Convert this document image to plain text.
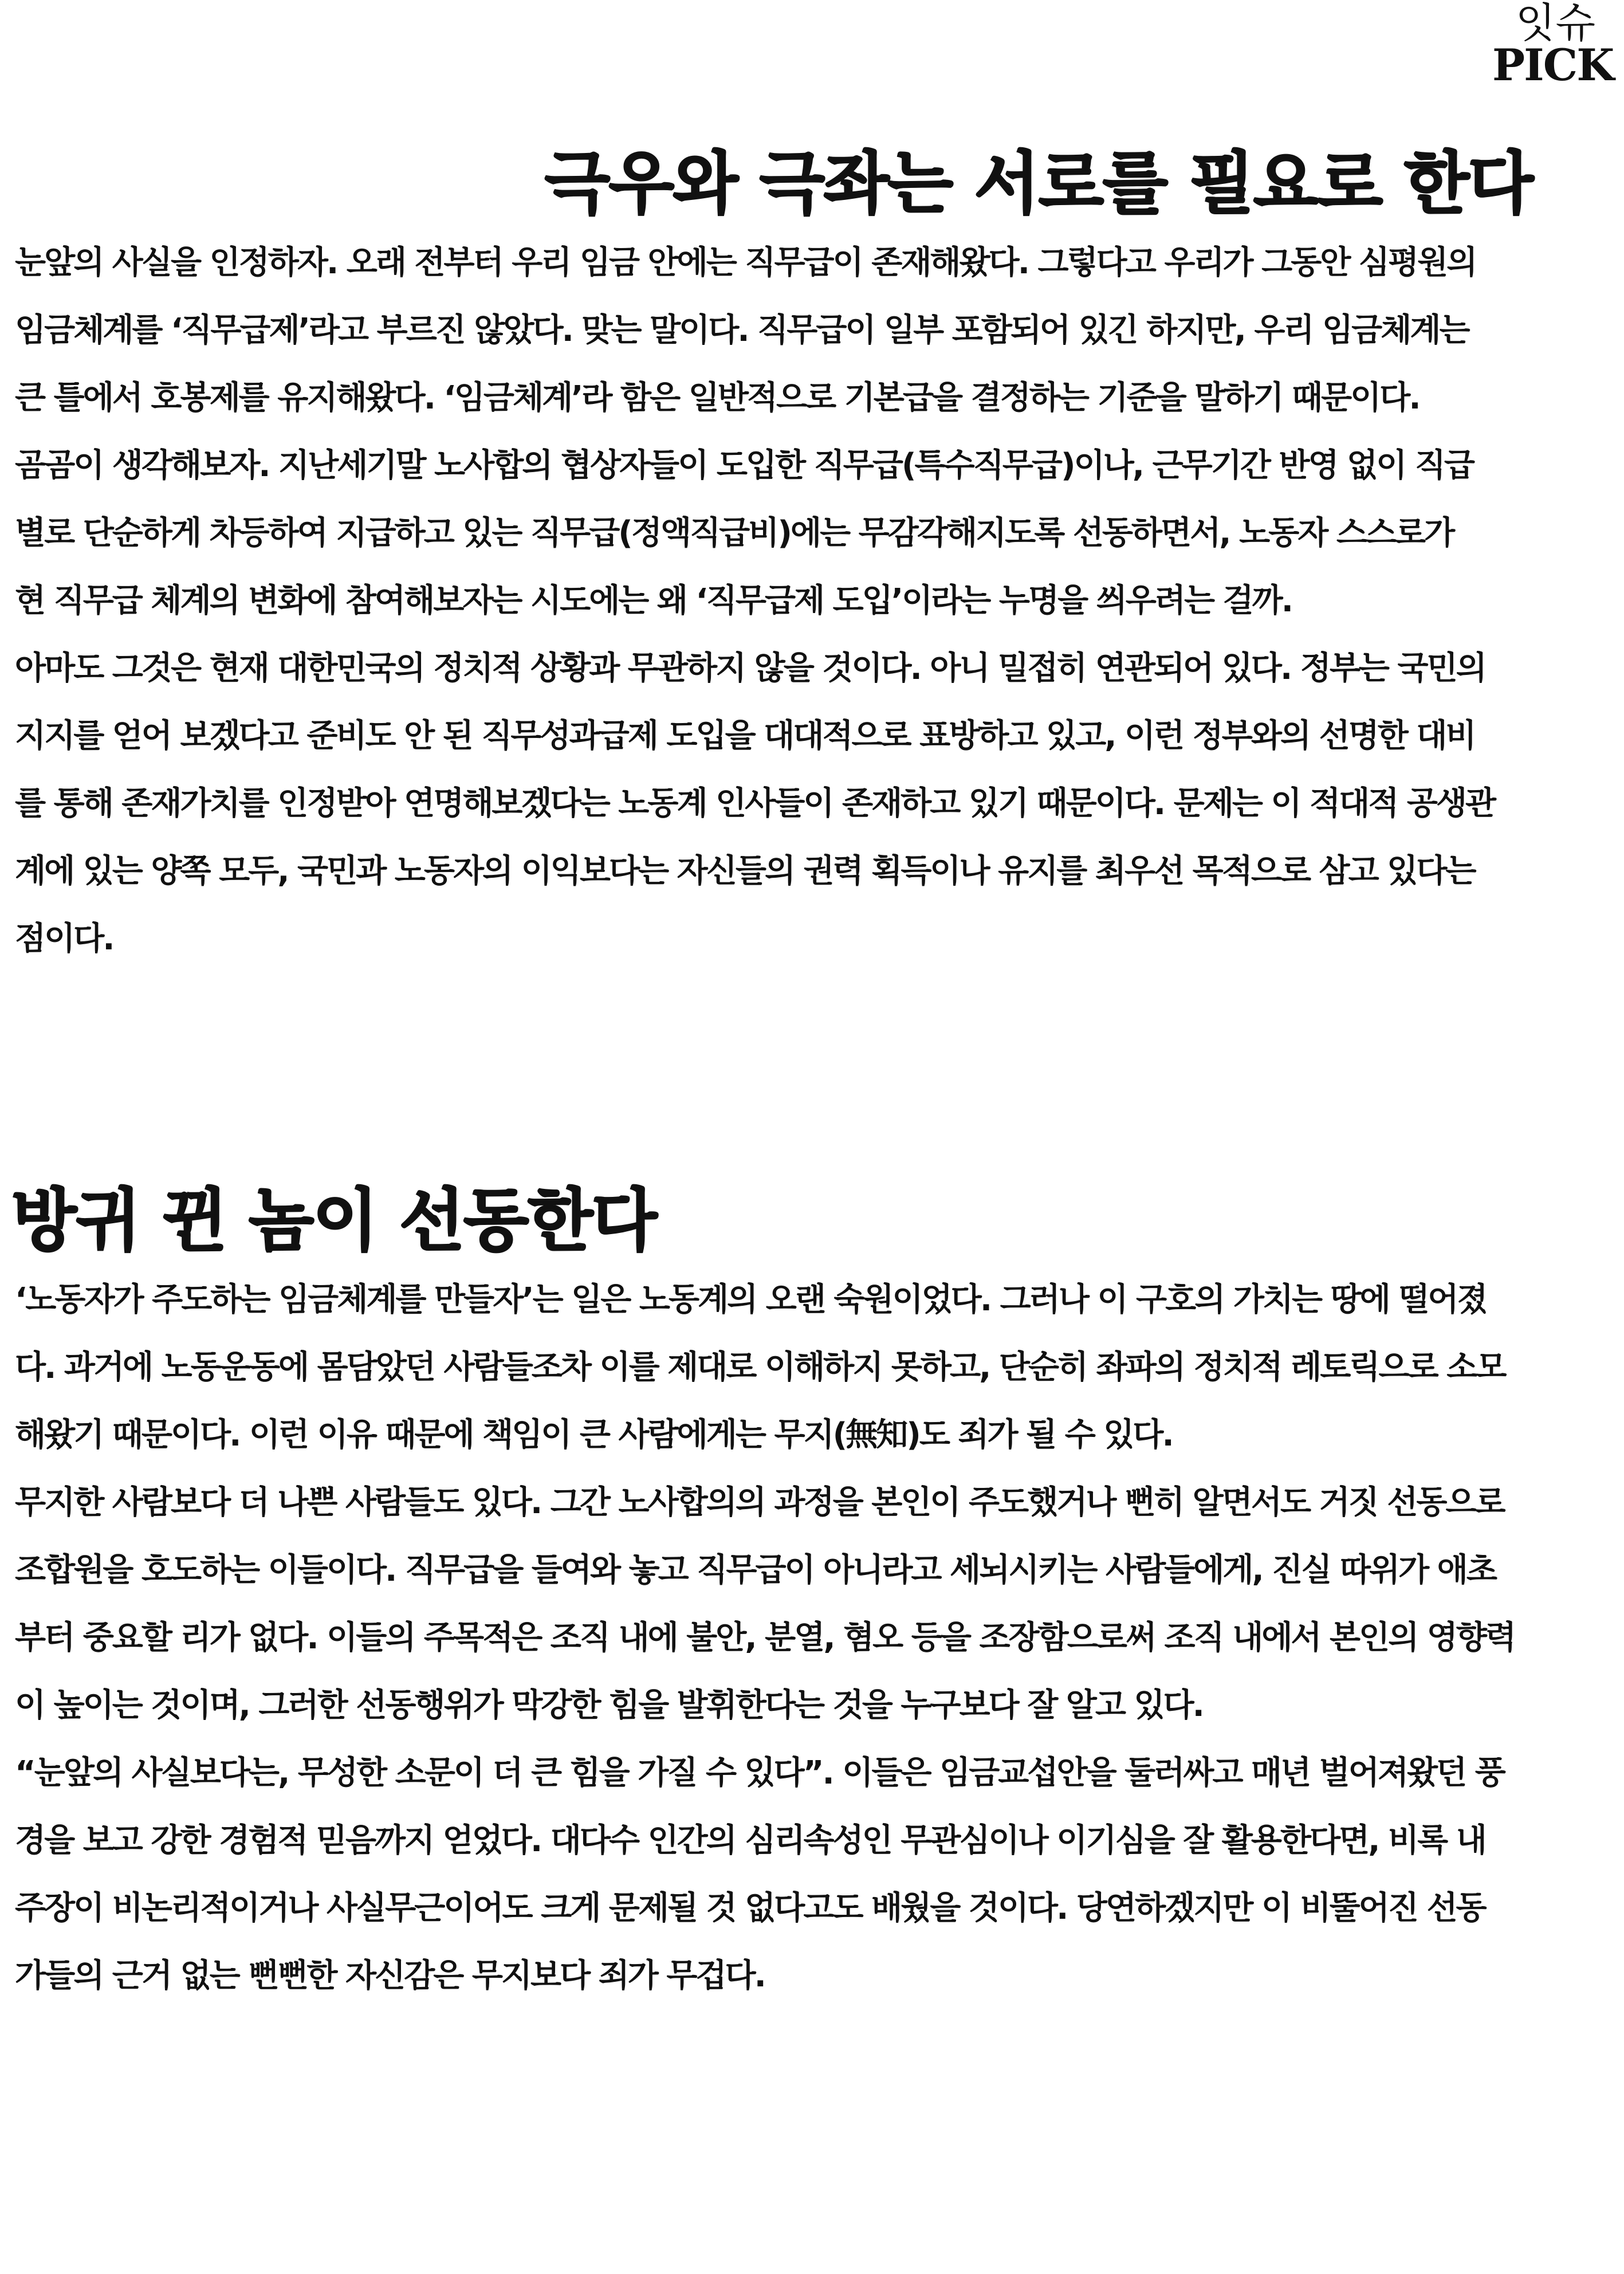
잇슈
PICK
극우와 극좌는 서로를 필요로 한다
눈앞의 사실을 인정하자. 오래 전부터 우리 임금 안에는 직무급이 존재해왔다. 그렇다고 우리가 그동안 심평원의
임금체계를 ‘직무급제’라고 부르진 않았다. 맞는 말이다. 직무급이 일부 포함되어 있긴 하지만, 우리 임금체계는
큰 틀에서 호봉제를 유지해왔다. ‘임금체계’라 함은 일반적으로 기본급을 결정하는 기준을 말하기 때문이다.
곰곰이 생각해보자. 지난세기말 노사합의 협상자들이 도입한 직무급(특수직무급)이나, 근무기간 반영 없이 직급
별로 단순하게 차등하여 지급하고 있는 직무급(정액직급비)에는 무감각해지도록 선동하면서, 노동자 스스로가
현 직무급 체계의 변화에 참여해보자는 시도에는 왜 ‘직무급제 도입’이라는 누명을 씌우려는 걸까.
아마도 그것은 현재 대한민국의 정치적 상황과 무관하지 않을 것이다. 아니 밀접히 연관되어 있다. 정부는 국민의
지지를 얻어 보겠다고 준비도 안 된 직무성과급제 도입을 대대적으로 표방하고 있고, 이런 정부와의 선명한 대비
를 통해 존재가치를 인정받아 연명해보겠다는 노동계 인사들이 존재하고 있기 때문이다. 문제는 이 적대적 공생관
계에 있는 양쪽 모두, 국민과 노동자의 이익보다는 자신들의 권력 획득이나 유지를 최우선 목적으로 삼고 있다는
점이다.
방귀 뀐 놈이 선동한다
‘노동자가 주도하는 임금체계를 만들자’는 일은 노동계의 오랜 숙원이었다. 그러나 이 구호의 가치는 땅에 떨어졌
다. 과거에 노동운동에 몸담았던 사람들조차 이를 제대로 이해하지 못하고, 단순히 좌파의 정치적 레토릭으로 소모
해왔기 때문이다. 이런 이유 때문에 책임이 큰 사람에게는 무지(無知)도 죄가 될 수 있다.
무지한 사람보다 더 나쁜 사람들도 있다. 그간 노사합의의 과정을 본인이 주도했거나 뻔히 알면서도 거짓 선동으로
조합원을 호도하는 이들이다. 직무급을 들여와 놓고 직무급이 아니라고 세뇌시키는 사람들에게, 진실 따위가 애초
부터 중요할 리가 없다. 이들의 주목적은 조직 내에 불안, 분열, 혐오 등을 조장함으로써 조직 내에서 본인의 영향력
이 높이는 것이며, 그러한 선동행위가 막강한 힘을 발휘한다는 것을 누구보다 잘 알고 있다.
“눈앞의 사실보다는, 무성한 소문이 더 큰 힘을 가질 수 있다”. 이들은 임금교섭안을 둘러싸고 매년 벌어져왔던 풍
경을 보고 강한 경험적 믿음까지 얻었다. 대다수 인간의 심리속성인 무관심이나 이기심을 잘 활용한다면, 비록 내
주장이 비논리적이거나 사실무근이어도 크게 문제될 것 없다고도 배웠을 것이다. 당연하겠지만 이 비뚤어진 선동
가들의 근거 없는 뻔뻔한 자신감은 무지보다 죄가 무겁다.
